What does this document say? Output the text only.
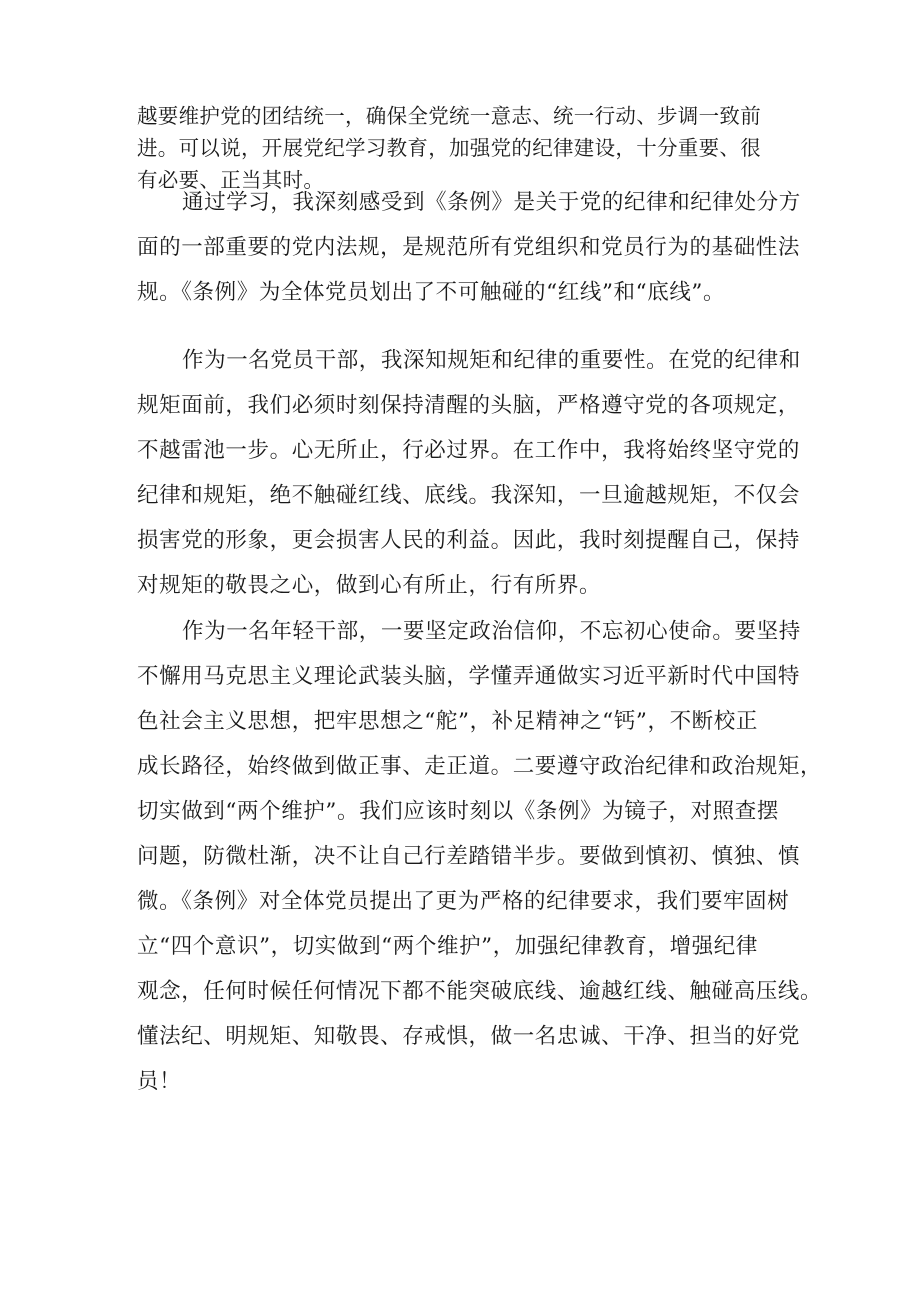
越要维护党的团结统一，确保全党统一意志、统一行动、步调一致前
进。可以说，开展党纪学习教育，加强党的纪律建设，十分重要、很
有必要、正当其时。
通过学习，我深刻感受到《条例》是关于党的纪律和纪律处分方
面的一部重要的党内法规，是规范所有党组织和党员行为的基础性法
规。《条例》为全体党员划出了不可触碰的“红线”和“底线”。
作为一名党员干部，我深知规矩和纪律的重要性。在党的纪律和
规矩面前，我们必须时刻保持清醒的头脑，严格遵守党的各项规定，
不越雷池一步。心无所止，行必过界。在工作中，我将始终坚守党的
纪律和规矩，绝不触碰红线、底线。我深知，一旦逾越规矩，不仅会
损害党的形象，更会损害人民的利益。因此，我时刻提醒自己，保持
对规矩的敬畏之心，做到心有所止，行有所界。
作为一名年轻干部，一要坚定政治信仰，不忘初心使命。要坚持
不懈用马克思主义理论武装头脑，学懂弄通做实习近平新时代中国特
色社会主义思想，把牢思想之“舵”，补足精神之“钙”，不断校正
成长路径，始终做到做正事、走正道。二要遵守政治纪律和政治规矩，
切实做到“两个维护”。我们应该时刻以《条例》为镜子，对照查摆
问题，防微杜渐，决不让自己行差踏错半步。要做到慎初、慎独、慎
微。《条例》对全体党员提出了更为严格的纪律要求，我们要牢固树
立“四个意识”，切实做到“两个维护”，加强纪律教育，增强纪律
观念，任何时候任何情况下都不能突破底线、逾越红线、触碰高压线。
懂法纪、明规矩、知敬畏、存戒惧，做一名忠诚、干净、担当的好党
员！
